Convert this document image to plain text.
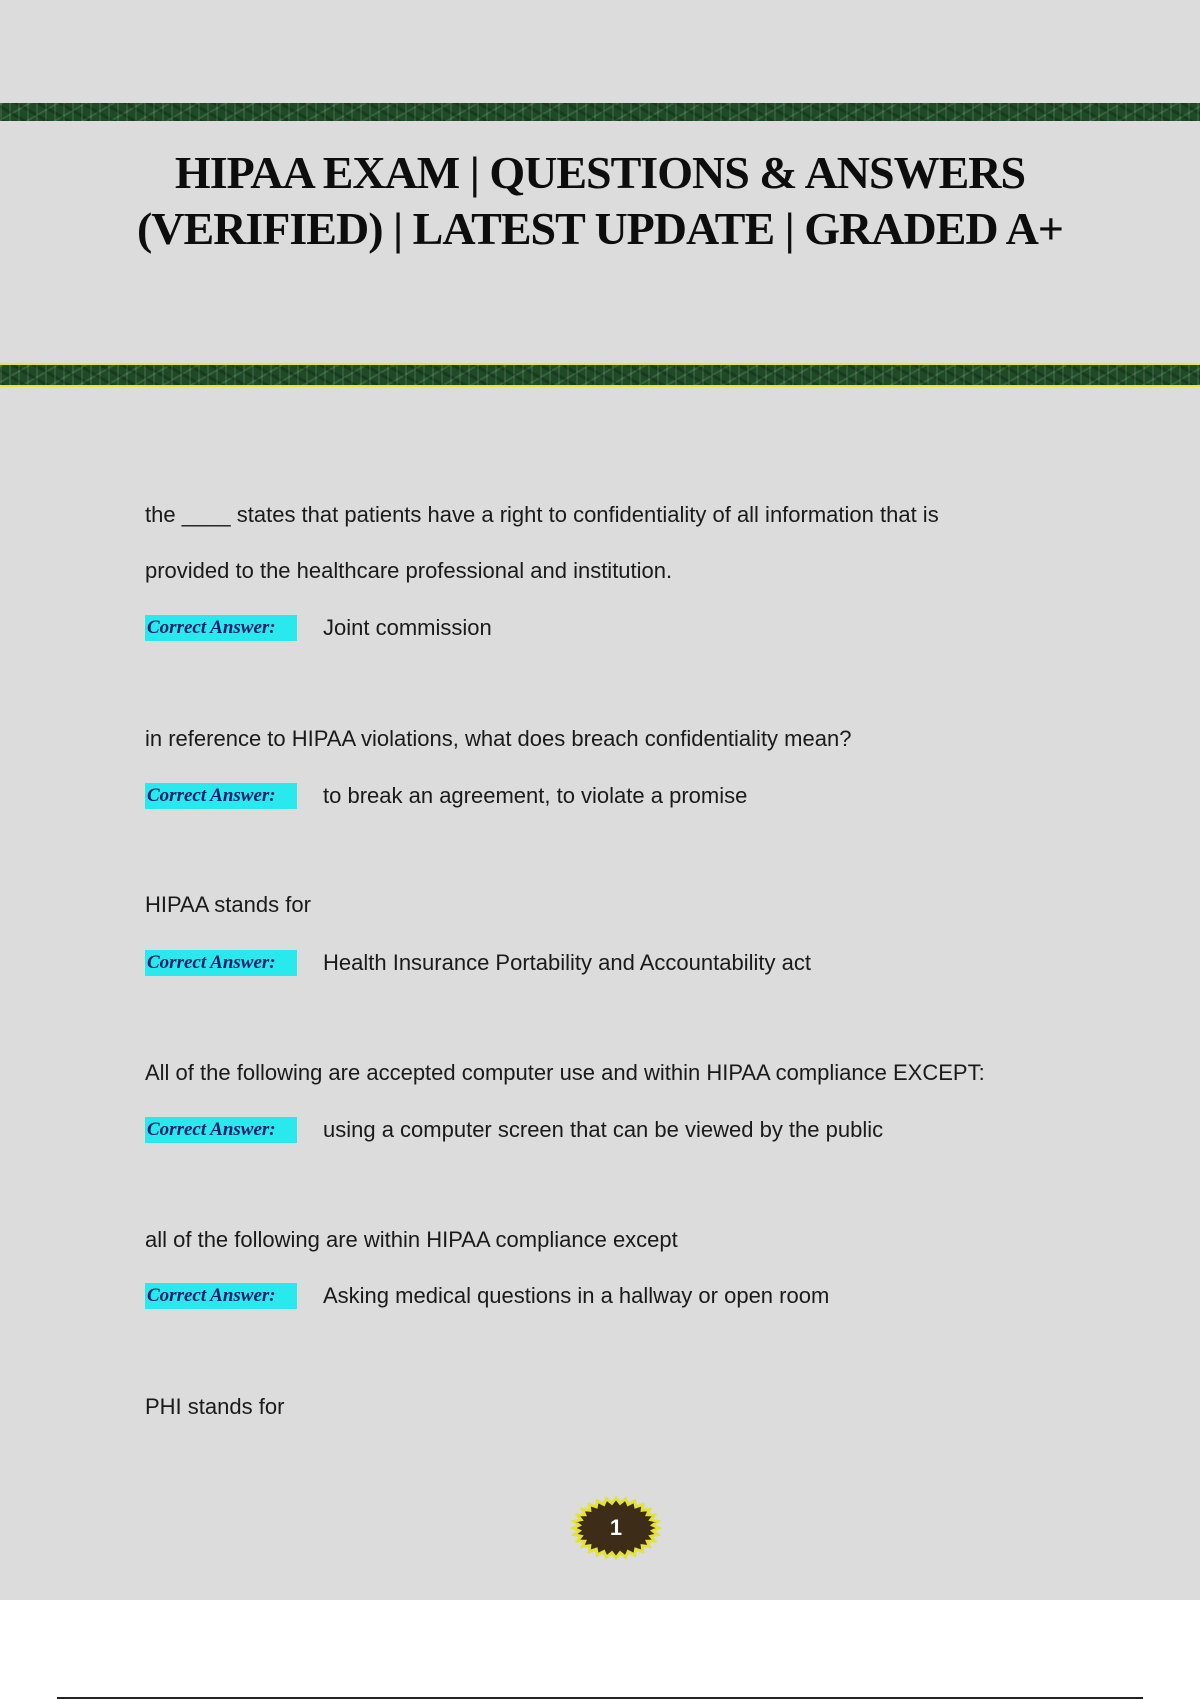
HIPAA EXAM | QUESTIONS & ANSWERS (VERIFIED) | LATEST UPDATE | GRADED A+
the ____ states that patients have a right to confidentiality of all information that is
provided to the healthcare professional and institution.
Correct Answer: Joint commission
in reference to HIPAA violations, what does breach confidentiality mean?
Correct Answer: to break an agreement, to violate a promise
HIPAA stands for
Correct Answer: Health Insurance Portability and Accountability act
All of the following are accepted computer use and within HIPAA compliance EXCEPT:
Correct Answer: using a computer screen that can be viewed by the public
all of the following are within HIPAA compliance except
Correct Answer: Asking medical questions in a hallway or open room
PHI stands for
1
